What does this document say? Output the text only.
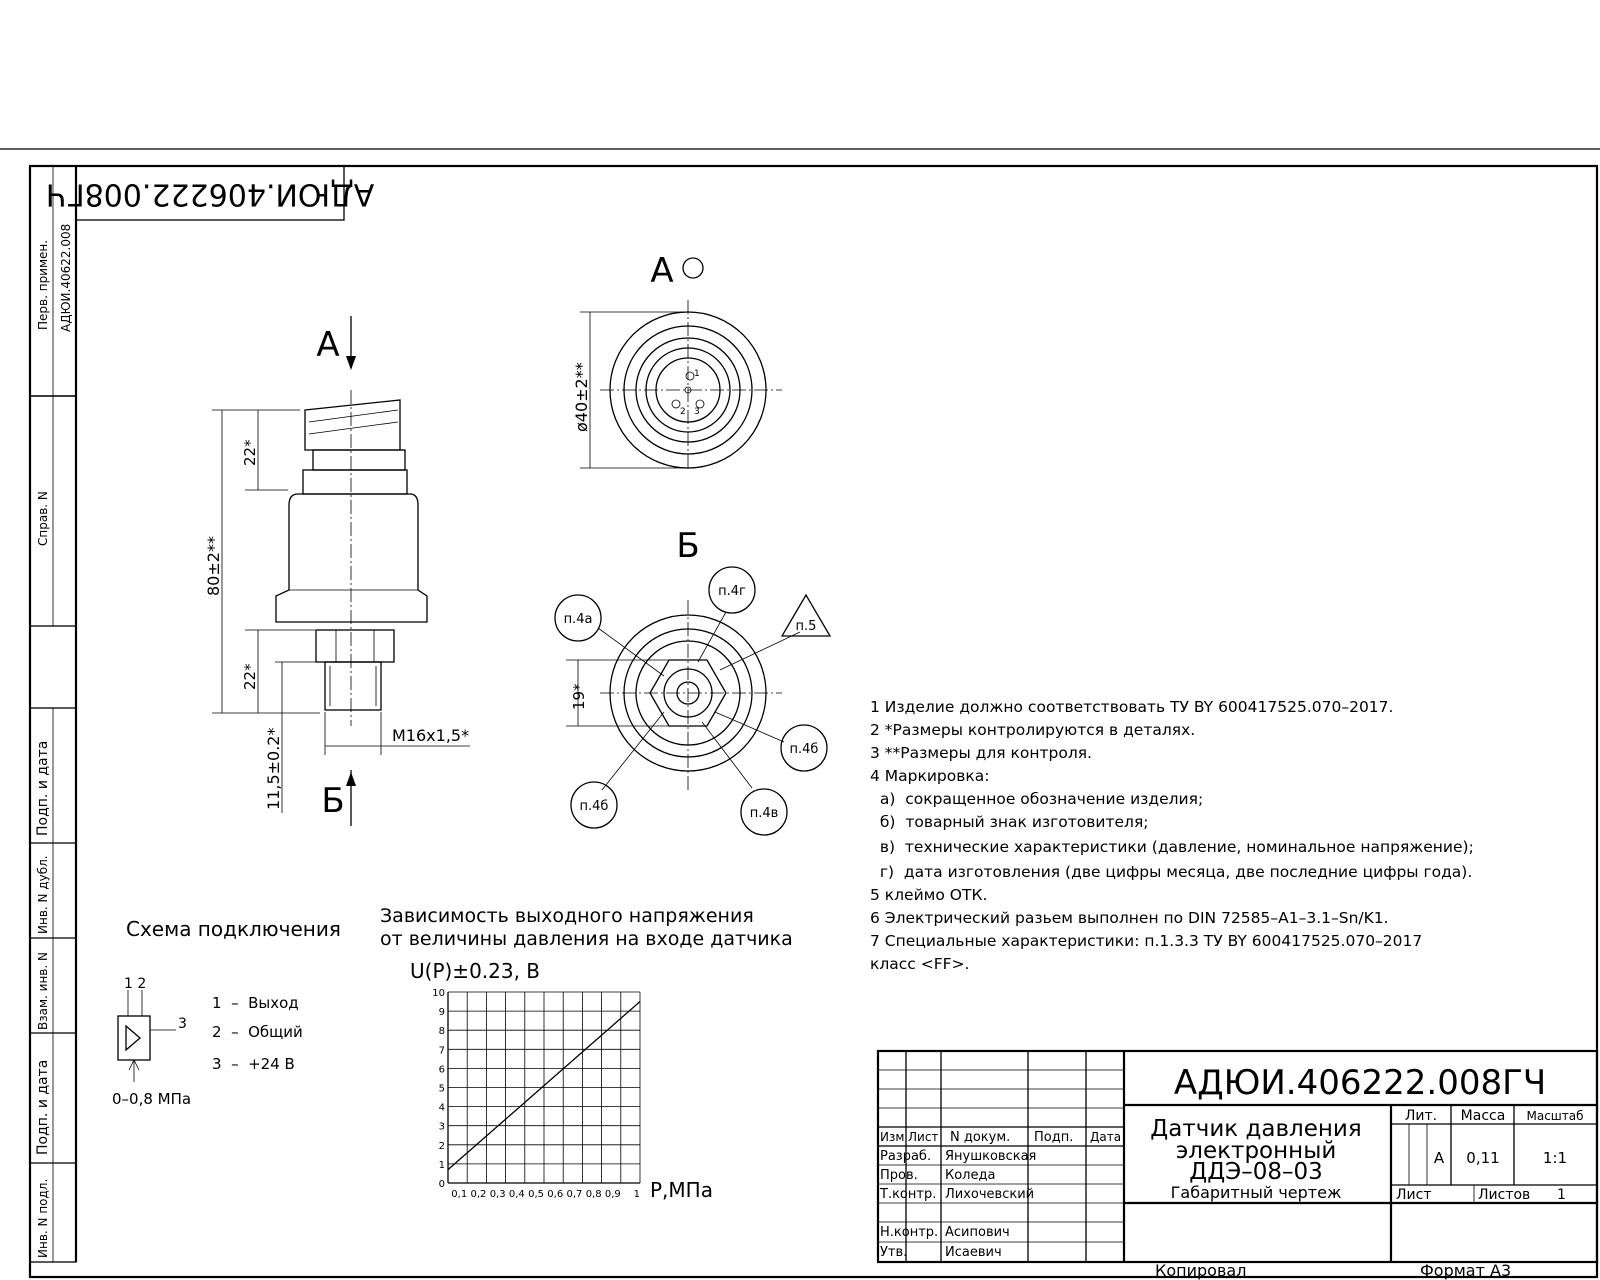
Перв. примен. АДЮИ.40622.008
Справ. N
Подп. и дата
Инв. N дубл.
Взам. инв. N
Подп. и дата
Инв. N подл.
АДЮИ.406222.008ГЧ
А
22*
80±2**
22*
11,5±0.2*	М16х1,5*
Б
А
1
2 3
ø40±2**
Б
19*
п.4а
п.4г
п.5
п.4б
п.4б	п.4в
1 Изделие должно соответствовать ТУ BY 600417525.070–2017.
2 *Размеры контролируются в деталях.
3 **Размеры для контроля.
4 Маркировка:
а)  сокращенное обозначение изделия;
б)  товарный знак изготовителя;
в)  технические характеристики (давление, номинальное напряжение);
г)  дата изготовления (две цифры месяца, две последние цифры года).
5 клеймо ОТК.
6 Электрический разьем выполнен по DIN 72585–A1–3.1–Sn/K1.
7 Специальные характеристики: п.1.3.3 ТУ BY 600417525.070–2017
класс <FF>.
Схема подключения
1 2
3
0–0,8 МПа
1  –  Выход
2  –  Общий
3  –  +24 В
Зависимость выходного напряжения
от величины давления на входе датчика
U(P)±0.23, В
Р,МПа
0
1
2
3
4
5
6
7
8
9
10
0,1 0,2 0,3 0,4 0,5 0,6 0,7 0,8 0,9 1
АДЮИ.406222.008ГЧ
Датчик давления
электронный
ДДЭ–08–03
Габаритный чертеж
Лит. Масса Масштаб
А 0,11	1:1
Лист	Листов 1
Изм Лист N докум. Подп. Дата
Разраб. Янушковская
Пров. Коледа
Т.контр. Лихочевский
Н.контр. Асипович
Утв.	Исаевич
Копировал	Формат А3
